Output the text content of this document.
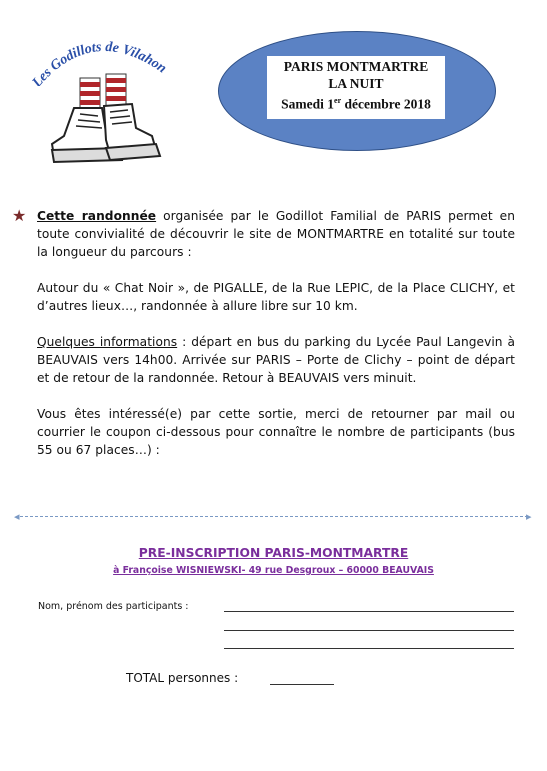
Les Godillots de Vilahon	PARIS MONTMARTRE
LA NUIT
Samedi 1er décembre 2018
★ Cette randonnée organisée par le Godillot Familial de PARIS permet en toute convivialité de découvrir le site de MONTMARTRE en totalité sur toute la longueur du parcours :
Autour du « Chat Noir », de PIGALLE, de la Rue LEPIC, de la Place CLICHY, et d’autres lieux…, randonnée à allure libre sur 10 km.
Quelques informations : départ en bus du parking du Lycée Paul Langevin à BEAUVAIS vers 14h00. Arrivée sur PARIS – Porte de Clichy – point de départ et de retour de la randonnée. Retour à BEAUVAIS vers minuit.
Vous êtes intéressé(e) par cette sortie, merci de retourner par mail ou courrier le coupon ci-dessous pour connaître le nombre de participants (bus 55 ou 67 places…) :
◂	▸
PRE-INSCRIPTION PARIS-MONTMARTRE
à Françoise WISNIEWSKI- 49 rue Desgroux – 60000 BEAUVAIS
Nom, prénom des participants :
TOTAL personnes :
